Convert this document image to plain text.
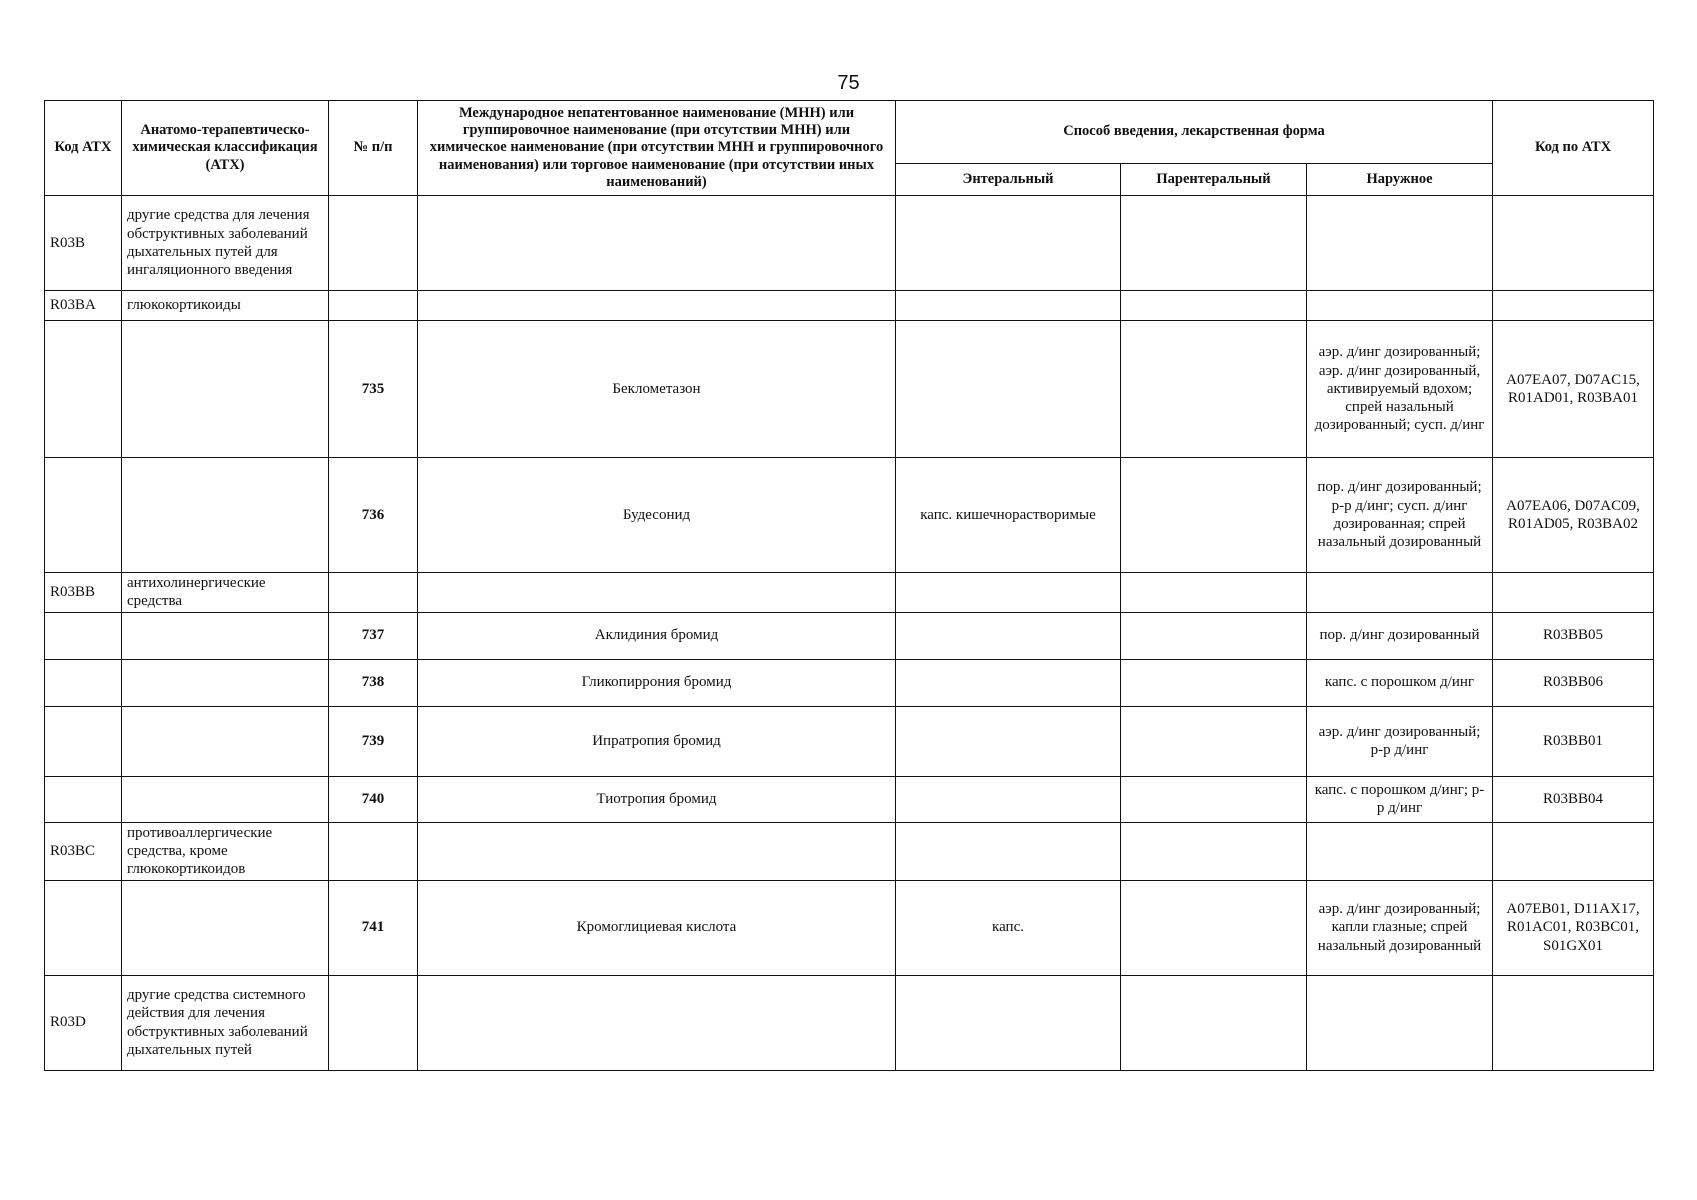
75
Код АТХ	Анатомо-терапевтическо-химическая классификация (АТХ)	№ п/п	Международное непатентованное наименование (МНН) или группировочное наименование (при отсутствии МНН) или химическое наименование (при отсутствии МНН и группировочного наименования) или торговое наименование (при отсутствии иных наименований)	Способ введения, лекарственная форма			Код по АТХ
				Энтеральный	Парентеральный	Наружное	
R03B	другие средства для лечения обструктивных заболеваний дыхательных путей для ингаляционного введения						
R03BA	глюкокортикоиды						
		735	Беклометазон			аэр. д/инг дозированный; аэр. д/инг дозированный, активируемый вдохом; спрей назальный дозированный; сусп. д/инг	A07EA07, D07AC15, R01AD01, R03BA01
		736	Будесонид	капс. кишечнорастворимые		пор. д/инг дозированный; р-р д/инг; сусп. д/инг дозированная; спрей назальный дозированный	A07EA06, D07AC09, R01AD05, R03BA02
R03BB	антихолинергические средства						
		737	Аклидиния бромид			пор. д/инг дозированный	R03BB05
		738	Гликопиррония бромид			капс. с порошком д/инг	R03BB06
		739	Ипратропия бромид			аэр. д/инг дозированный; р-р д/инг	R03BB01
		740	Тиотропия бромид			капс. с порошком д/инг; р-р д/инг	R03BB04
R03BC	противоаллергические средства, кроме глюкокортикоидов						
		741	Кромоглициевая кислота	капс.		аэр. д/инг дозированный; капли глазные; спрей назальный дозированный	A07EB01, D11AX17, R01AC01, R03BC01, S01GX01
R03D	другие средства системного действия для лечения обструктивных заболеваний дыхательных путей						
